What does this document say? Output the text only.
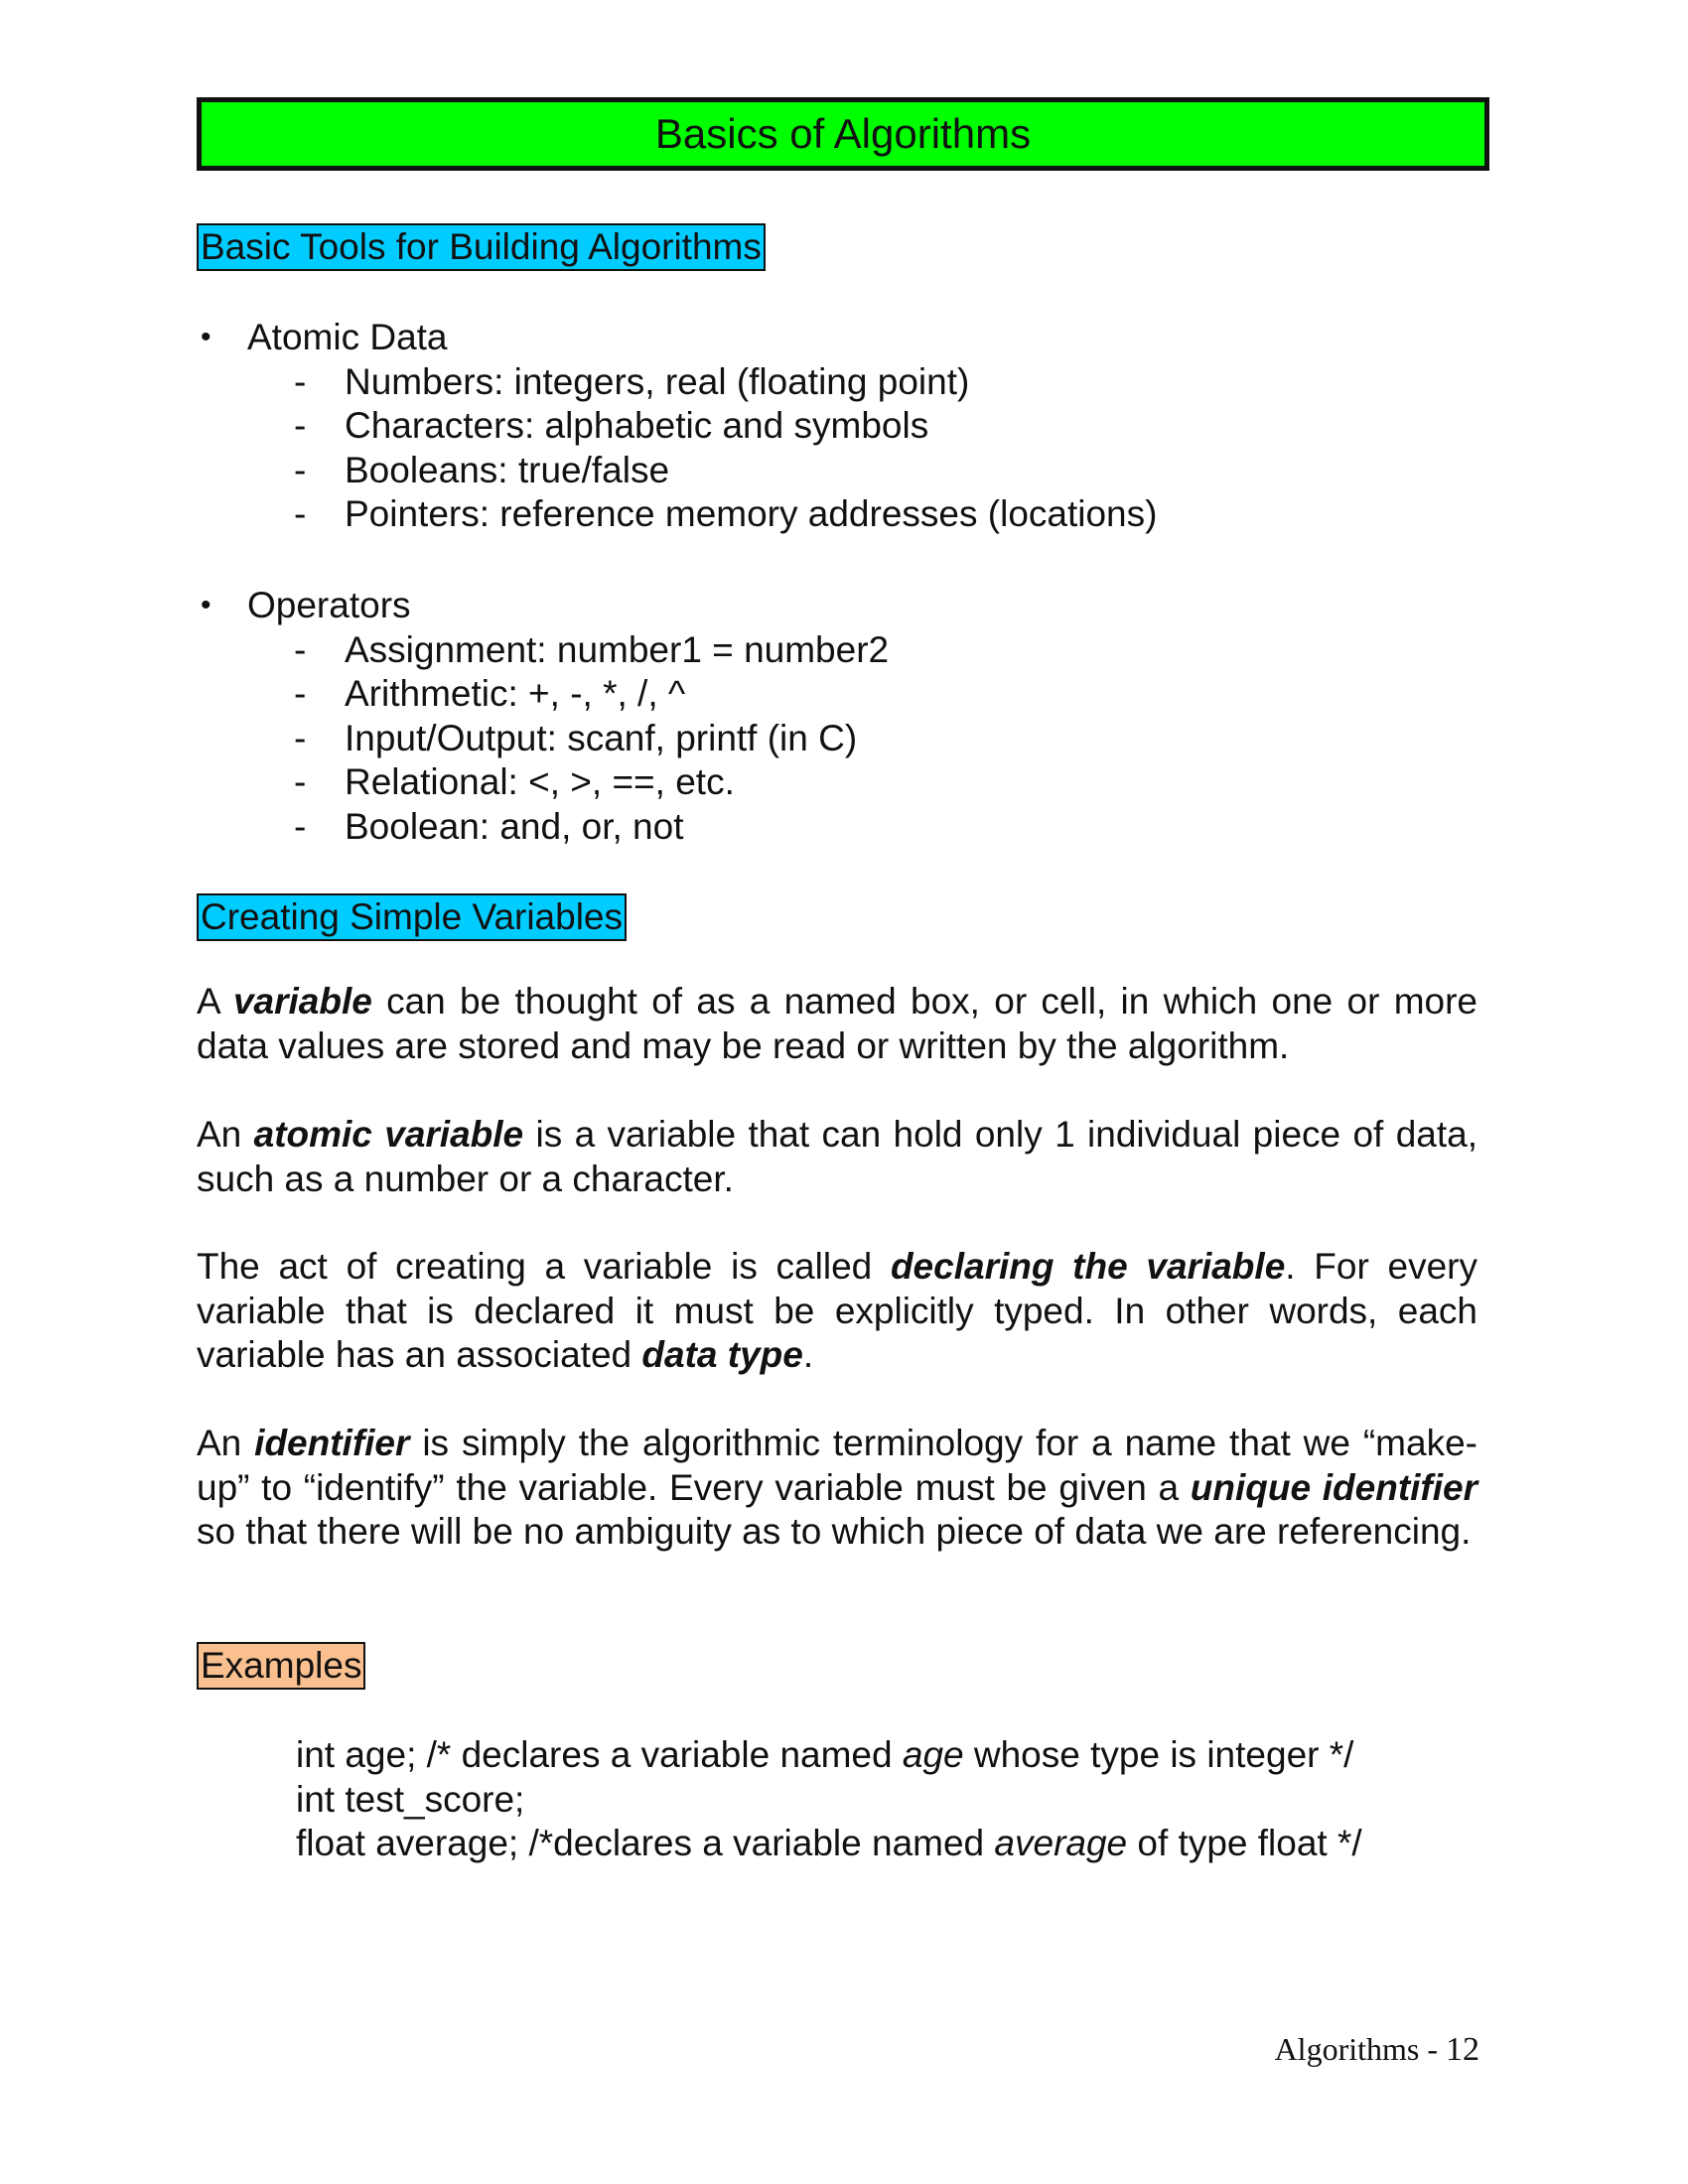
Basics of Algorithms
Basic Tools for Building Algorithms
• Atomic Data
- Numbers: integers, real (floating point)
- Characters: alphabetic and symbols
- Booleans: true/false
- Pointers: reference memory addresses (locations)
• Operators
- Assignment: number1 = number2
- Arithmetic: +, -, *, /, ^
- Input/Output: scanf, printf (in C)
- Relational: <, >, ==, etc.
- Boolean: and, or, not
Creating Simple Variables
A variable can be thought of as a named box, or cell, in which one or more data values are stored and may be read or written by the algorithm.
An atomic variable is a variable that can hold only 1 individual piece of data, such as a number or a character.
The act of creating a variable is called declaring the variable. For every variable that is declared it must be explicitly typed. In other words, each variable has an associated data type.
An identifier is simply the algorithmic terminology for a name that we “make-up” to “identify” the variable. Every variable must be given a unique identifier so that there will be no ambiguity as to which piece of data we are referencing.
Examples
int age; /* declares a variable named age whose type is integer */
int test_score;
float average; /*declares a variable named average of type float */
Algorithms - 12
